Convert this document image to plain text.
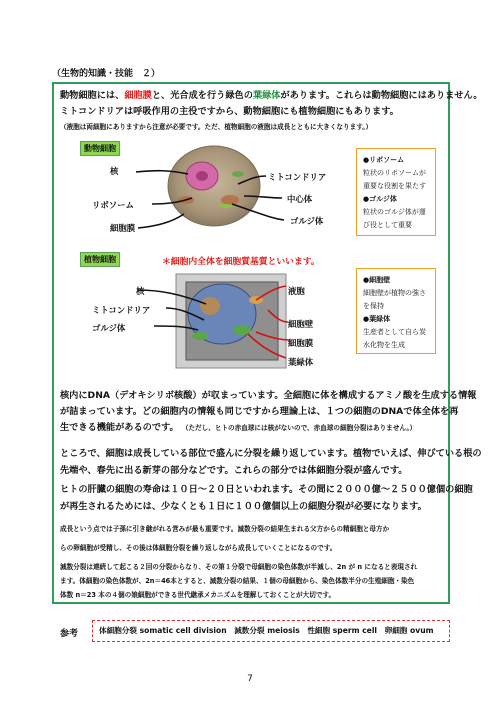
（生物的知識・技能　２）
動物細胞には、細胞膜と、光合成を行う緑色の葉緑体があります。これらは動物細胞にはありません。
ミトコンドリアは呼吸作用の主役ですから、動物細胞にも植物細胞にもあります。
（液胞は両細胞にありますから注意が必要です。ただ、植物細胞の液胞は成長とともに大きくなります。）
動物細胞
核
リボソーム
細胞膜
ミトコンドリア
中心体
ゴルジ体
●リボソーム
粒状のリボソームが
重要な役割を果たす
●ゴルジ体
粒状のゴルジ体が運
び役として重要
植物細胞	＊細胞内全体を細胞質基質といいます。
核
ミトコンドリア
ゴルジ体
液胞
細胞壁
細胞膜
葉緑体
●細胞壁
細胞壁が植物の強さ
を保持
●葉緑体
生産者として自ら炭
水化物を生成
核内にDNA（デオキシリボ核酸）が収まっています。全細胞に体を構成するアミノ酸を生成する情報
が詰まっています。どの細胞内の情報も同じですから理論上は、１つの細胞のDNAで体全体を再
生できる機能があるのです。 （ただし、ヒトの赤血球には核がないので、赤血球の細胞分裂はありません。）
ところで、細胞は成長している部位で盛んに分裂を繰り返しています。植物でいえば、伸びている根の
先端や、春先に出る新芽の部分などです。これらの部分では体細胞分裂が盛んです。
ヒトの肝臓の細胞の寿命は１０日〜２０日といわれます。その間に２０００億〜２５００億個の細胞
が再生されるためには、少なくとも１日に１００億個以上の細胞分裂が必要になります。
成長という点では子孫に引き継がれる営みが最も重要です。減数分裂の結果生まれる父方からの精細胞と母方か
らの卵細胞が受精し、その後は体細胞分裂を繰り返しながら成長していくことになるのです。
減数分裂は連続して起こる２回の分裂からなり、その第１分裂で母細胞の染色体数が半減し、2n が n になると表現され
ます。体細胞の染色体数が、2n＝46本とすると、減数分裂の結果、１個の母細胞から、染色体数半分の生殖細胞・染色
体数 n＝23 本の４個の娘細胞ができる世代継承メカニズムを理解しておくことが大切です。
参考	体細胞分裂 somatic cell division　減数分裂 meiosis　性細胞 sperm cell　卵細胞 ovum
7
